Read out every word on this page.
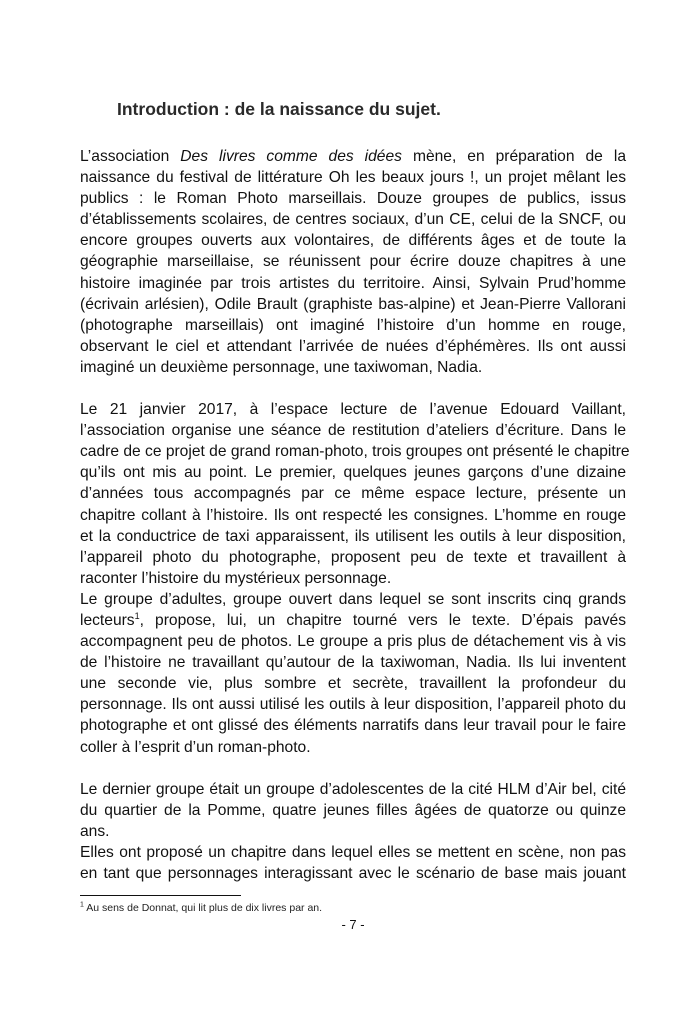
Introduction : de la naissance du sujet.
L’association Des livres comme des idées mène, en préparation de la
naissance du festival de littérature Oh les beaux jours !, un projet mêlant les
publics : le Roman Photo marseillais. Douze groupes de publics, issus
d’établissements scolaires, de centres sociaux, d’un CE, celui de la SNCF, ou
encore groupes ouverts aux volontaires, de différents âges et de toute la
géographie marseillaise, se réunissent pour écrire douze chapitres à une
histoire imaginée par trois artistes du territoire. Ainsi, Sylvain Prud’homme
(écrivain arlésien), Odile Brault (graphiste bas-alpine) et Jean-Pierre Vallorani
(photographe marseillais) ont imaginé l’histoire d’un homme en rouge,
observant le ciel et attendant l’arrivée de nuées d’éphémères. Ils ont aussi
imaginé un deuxième personnage, une taxiwoman, Nadia.
Le 21 janvier 2017, à l’espace lecture de l’avenue Edouard Vaillant,
l’association organise une séance de restitution d’ateliers d’écriture. Dans le
cadre de ce projet de grand roman-photo, trois groupes ont présenté le chapitre
qu’ils ont mis au point. Le premier, quelques jeunes garçons d’une dizaine
d’années tous accompagnés par ce même espace lecture, présente un
chapitre collant à l’histoire. Ils ont respecté les consignes. L’homme en rouge
et la conductrice de taxi apparaissent, ils utilisent les outils à leur disposition,
l’appareil photo du photographe, proposent peu de texte et travaillent à
raconter l’histoire du mystérieux personnage.
Le groupe d’adultes, groupe ouvert dans lequel se sont inscrits cinq grands
lecteurs$^1$, propose, lui, un chapitre tourné vers le texte. D’épais pavés
accompagnent peu de photos. Le groupe a pris plus de détachement vis à vis
de l’histoire ne travaillant qu’autour de la taxiwoman, Nadia. Ils lui inventent
une seconde vie, plus sombre et secrète, travaillent la profondeur du
personnage. Ils ont aussi utilisé les outils à leur disposition, l’appareil photo du
photographe et ont glissé des éléments narratifs dans leur travail pour le faire
coller à l’esprit d’un roman-photo.
Le dernier groupe était un groupe d’adolescentes de la cité HLM d’Air bel, cité
du quartier de la Pomme, quatre jeunes filles âgées de quatorze ou quinze
ans.
Elles ont proposé un chapitre dans lequel elles se mettent en scène, non pas
en tant que personnages interagissant avec le scénario de base mais jouant
$^1$ Au sens de Donnat, qui lit plus de dix livres par an.
- 7 -
